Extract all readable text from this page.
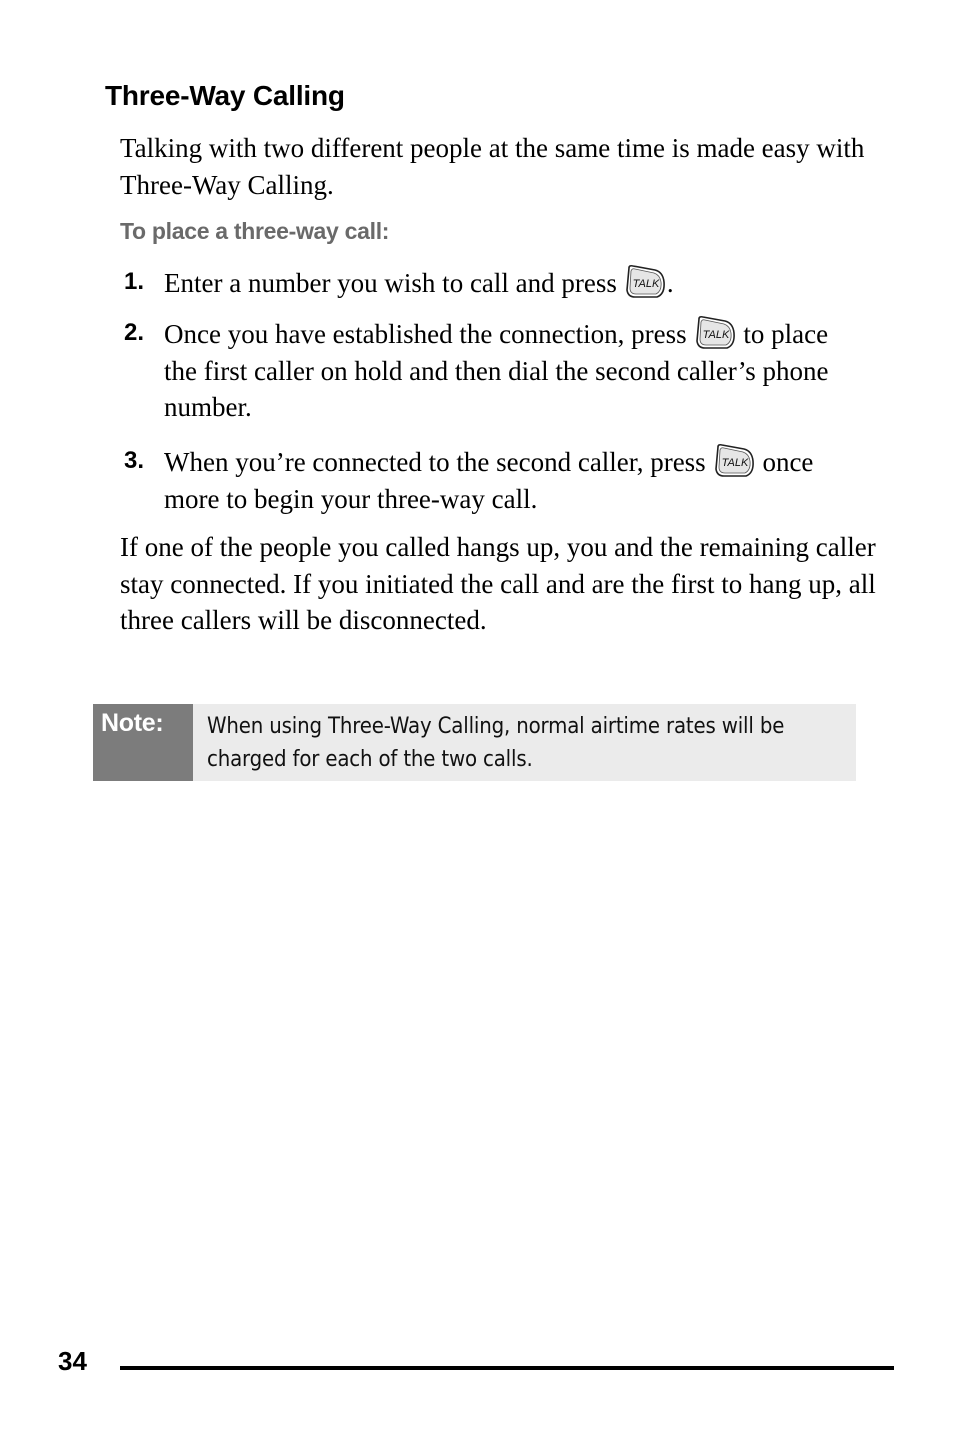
Three-Way Calling

Talking with two different people at the same time is made easy with Three-Way Calling.

To place a three-way call:

1. Enter a number you wish to call and press TALK .

2. Once you have established the connection, press TALK to place the first caller on hold and then dial the second caller’s phone number.

3. When you’re connected to the second caller, press TALK once more to begin your three-way call.

If one of the people you called hangs up, you and the remaining caller stay connected. If you initiated the call and are the first to hang up, all three callers will be disconnected.

Note:	When using Three-Way Calling, normal airtime rates will be charged for each of the two calls.
34
